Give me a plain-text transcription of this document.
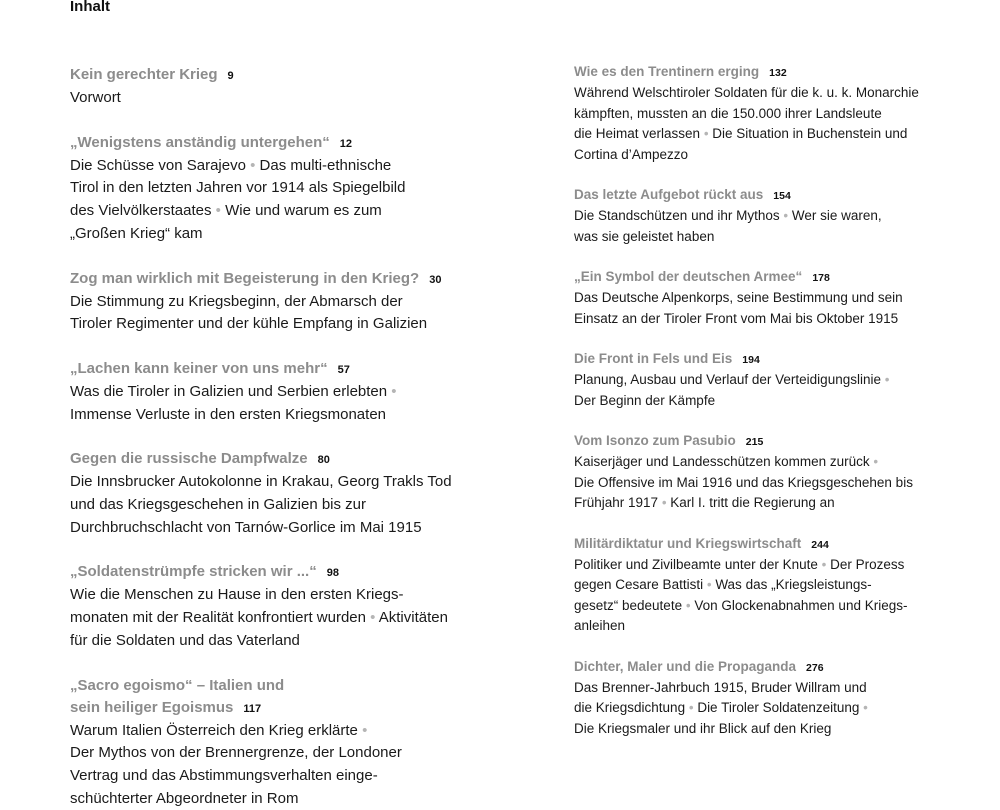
Inhalt
Kein gerechter Krieg 9
Vorwort
„Wenigstens anständig untergehen“ 12
Die Schüsse von Sarajevo • Das multi-ethnische
Tirol in den letzten Jahren vor 1914 als Spiegelbild
des Vielvölkerstaates • Wie und warum es zum
„Großen Krieg“ kam
Zog man wirklich mit Begeisterung in den Krieg? 30
Die Stimmung zu Kriegsbeginn, der Abmarsch der
Tiroler Regimenter und der kühle Empfang in Galizien
„Lachen kann keiner von uns mehr“ 57
Was die Tiroler in Galizien und Serbien erlebten •
Immense Verluste in den ersten Kriegsmonaten
Gegen die russische Dampfwalze 80
Die Innsbrucker Autokolonne in Krakau, Georg Trakls Tod
und das Kriegsgeschehen in Galizien bis zur
Durchbruchschlacht von Tarnów-Gorlice im Mai 1915
„Soldatenstrümpfe stricken wir ...“ 98
Wie die Menschen zu Hause in den ersten Kriegs-
monaten mit der Realität konfrontiert wurden • Aktivitäten
für die Soldaten und das Vaterland
„Sacro egoismo“ – Italien und
sein heiliger Egoismus 117
Warum Italien Österreich den Krieg erklärte •
Der Mythos von der Brennergrenze, der Londoner
Vertrag und das Abstimmungsverhalten einge-
schüchterter Abgeordneter in Rom
Wie es den Trentinern erging 132
Während Welschtiroler Soldaten für die k. u. k. Monarchie
kämpften, mussten an die 150.000 ihrer Landsleute
die Heimat verlassen • Die Situation in Buchenstein und
Cortina d’Ampezzo
Das letzte Aufgebot rückt aus 154
Die Standschützen und ihr Mythos • Wer sie waren,
was sie geleistet haben
„Ein Symbol der deutschen Armee“ 178
Das Deutsche Alpenkorps, seine Bestimmung und sein
Einsatz an der Tiroler Front vom Mai bis Oktober 1915
Die Front in Fels und Eis 194
Planung, Ausbau und Verlauf der Verteidigungslinie •
Der Beginn der Kämpfe
Vom Isonzo zum Pasubio 215
Kaiserjäger und Landesschützen kommen zurück •
Die Offensive im Mai 1916 und das Kriegsgeschehen bis
Frühjahr 1917 • Karl I. tritt die Regierung an
Militärdiktatur und Kriegswirtschaft 244
Politiker und Zivilbeamte unter der Knute • Der Prozess
gegen Cesare Battisti • Was das „Kriegsleistungs-
gesetz“ bedeutete • Von Glockenabnahmen und Kriegs-
anleihen
Dichter, Maler und die Propaganda 276
Das Brenner-Jahrbuch 1915, Bruder Willram und
die Kriegsdichtung • Die Tiroler Soldatenzeitung •
Die Kriegsmaler und ihr Blick auf den Krieg
